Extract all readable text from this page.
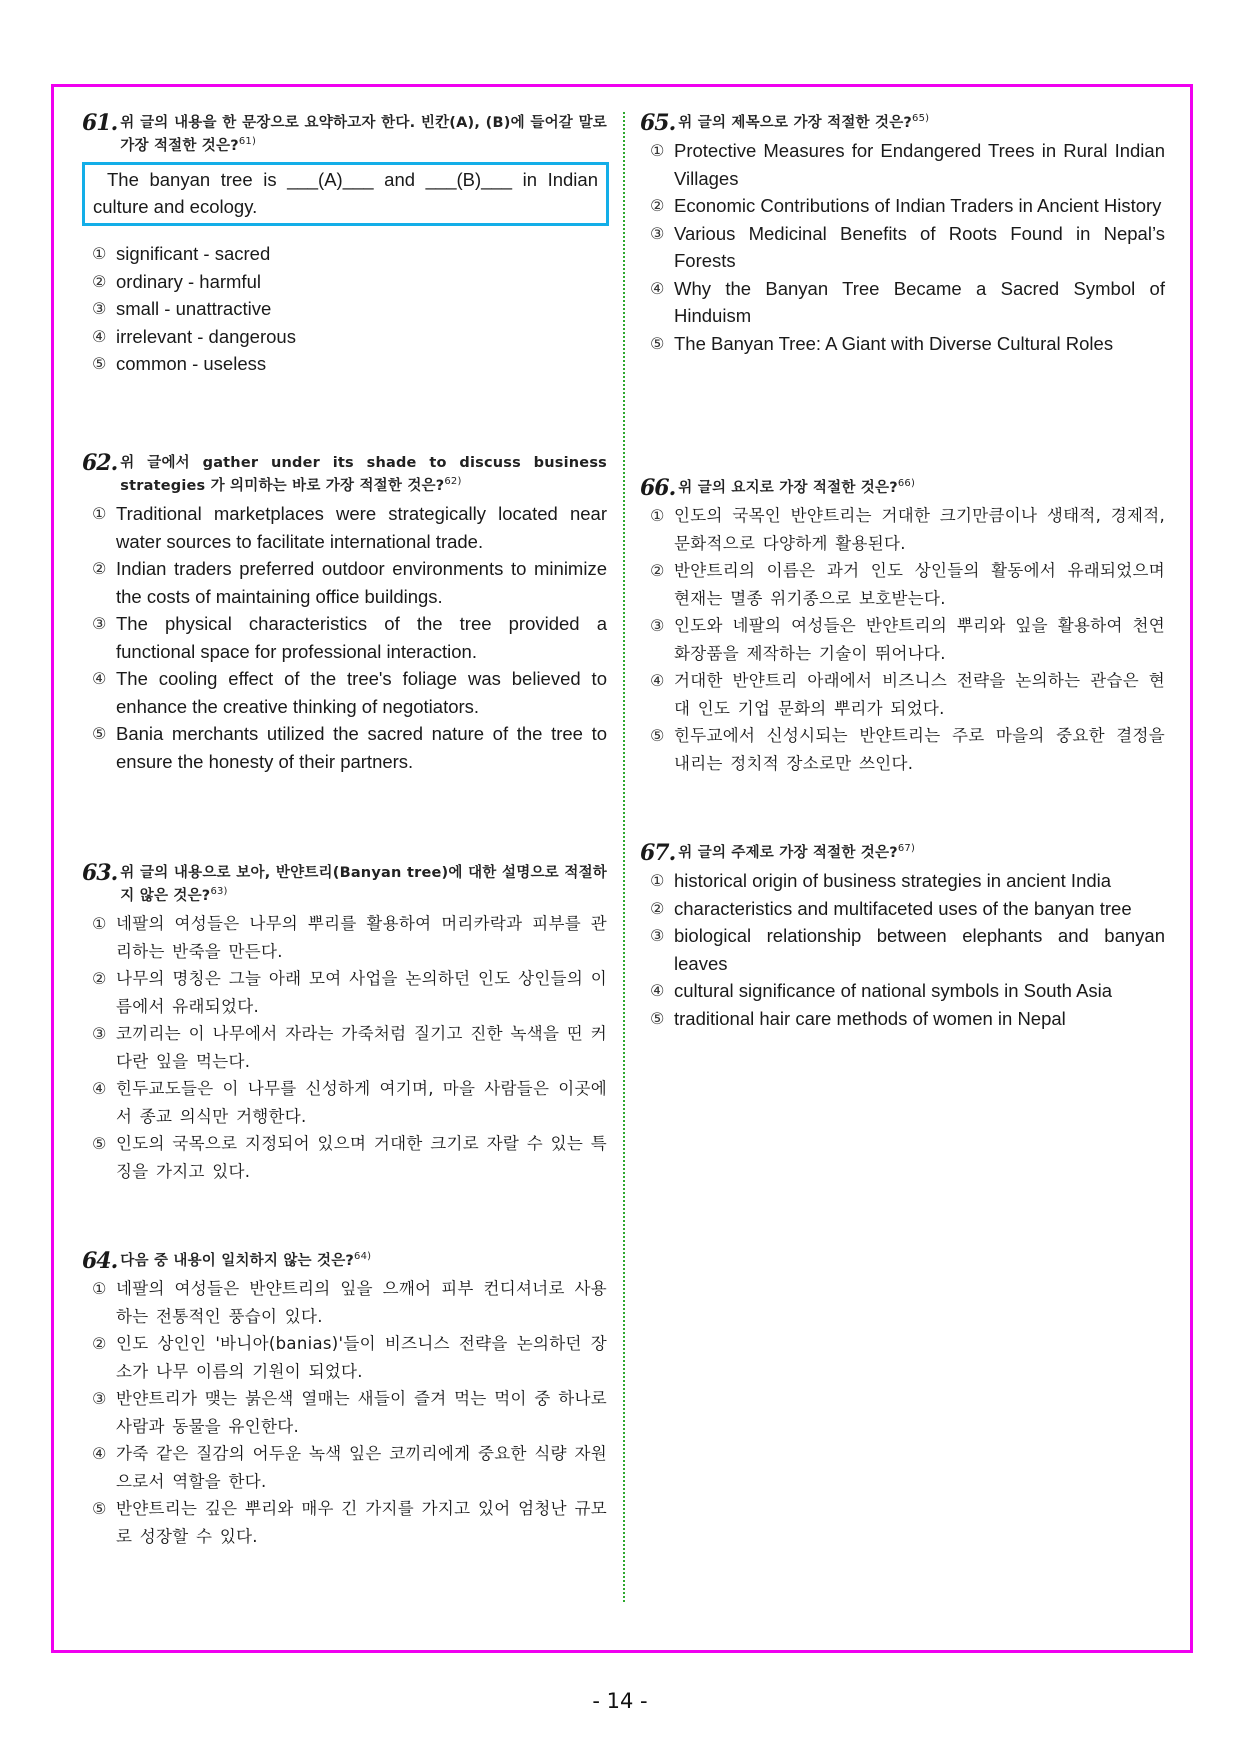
61. 위 글의 내용을 한 문장으로 요약하고자 한다. 빈칸(A), (B)에 들어갈 말로 가장 적절한 것은?$^{61)}$
The banyan tree is ___(A)___ and ___(B)___ in Indian culture and ecology.
① significant - sacred
② ordinary - harmful
③ small - unattractive
④ irrelevant - dangerous
⑤ common - useless
62. 위 글에서 gather under its shade to discuss business strategies 가 의미하는 바로 가장 적절한 것은?$^{62)}$
① Traditional marketplaces were strategically located near water sources to facilitate international trade.
② Indian traders preferred outdoor environments to minimize the costs of maintaining office buildings.
③ The physical characteristics of the tree provided a functional space for professional interaction.
④ The cooling effect of the tree's foliage was believed to enhance the creative thinking of negotiators.
⑤ Bania merchants utilized the sacred nature of the tree to ensure the honesty of their partners.
63. 위 글의 내용으로 보아, 반얀트리(Banyan tree)에 대한 설명으로 적절하지 않은 것은?$^{63)}$
① 네팔의 여성들은 나무의 뿌리를 활용하여 머리카락과 피부를 관리하는 반죽을 만든다.
② 나무의 명칭은 그늘 아래 모여 사업을 논의하던 인도 상인들의 이름에서 유래되었다.
③ 코끼리는 이 나무에서 자라는 가죽처럼 질기고 진한 녹색을 띤 커다란 잎을 먹는다.
④ 힌두교도들은 이 나무를 신성하게 여기며, 마을 사람들은 이곳에서 종교 의식만 거행한다.
⑤ 인도의 국목으로 지정되어 있으며 거대한 크기로 자랄 수 있는 특징을 가지고 있다.
64. 다음 중 내용이 일치하지 않는 것은?$^{64)}$
① 네팔의 여성들은 반얀트리의 잎을 으깨어 피부 컨디셔너로 사용하는 전통적인 풍습이 있다.
② 인도 상인인 '바니아(banias)'들이 비즈니스 전략을 논의하던 장소가 나무 이름의 기원이 되었다.
③ 반얀트리가 맺는 붉은색 열매는 새들이 즐겨 먹는 먹이 중 하나로 사람과 동물을 유인한다.
④ 가죽 같은 질감의 어두운 녹색 잎은 코끼리에게 중요한 식량 자원으로서 역할을 한다.
⑤ 반얀트리는 깊은 뿌리와 매우 긴 가지를 가지고 있어 엄청난 규모로 성장할 수 있다.
65. 위 글의 제목으로 가장 적절한 것은?$^{65)}$
① Protective Measures for Endangered Trees in Rural Indian Villages
② Economic Contributions of Indian Traders in Ancient History
③ Various Medicinal Benefits of Roots Found in Nepal’s Forests
④ Why the Banyan Tree Became a Sacred Symbol of Hinduism
⑤ The Banyan Tree: A Giant with Diverse Cultural Roles
66. 위 글의 요지로 가장 적절한 것은?$^{66)}$
① 인도의 국목인 반얀트리는 거대한 크기만큼이나 생태적, 경제적, 문화적으로 다양하게 활용된다.
② 반얀트리의 이름은 과거 인도 상인들의 활동에서 유래되었으며 현재는 멸종 위기종으로 보호받는다.
③ 인도와 네팔의 여성들은 반얀트리의 뿌리와 잎을 활용하여 천연 화장품을 제작하는 기술이 뛰어나다.
④ 거대한 반얀트리 아래에서 비즈니스 전략을 논의하는 관습은 현대 인도 기업 문화의 뿌리가 되었다.
⑤ 힌두교에서 신성시되는 반얀트리는 주로 마을의 중요한 결정을 내리는 정치적 장소로만 쓰인다.
67. 위 글의 주제로 가장 적절한 것은?$^{67)}$
① historical origin of business strategies in ancient India
② characteristics and multifaceted uses of the banyan tree
③ biological relationship between elephants and banyan leaves
④ cultural significance of national symbols in South Asia
⑤ traditional hair care methods of women in Nepal
- 14 -
